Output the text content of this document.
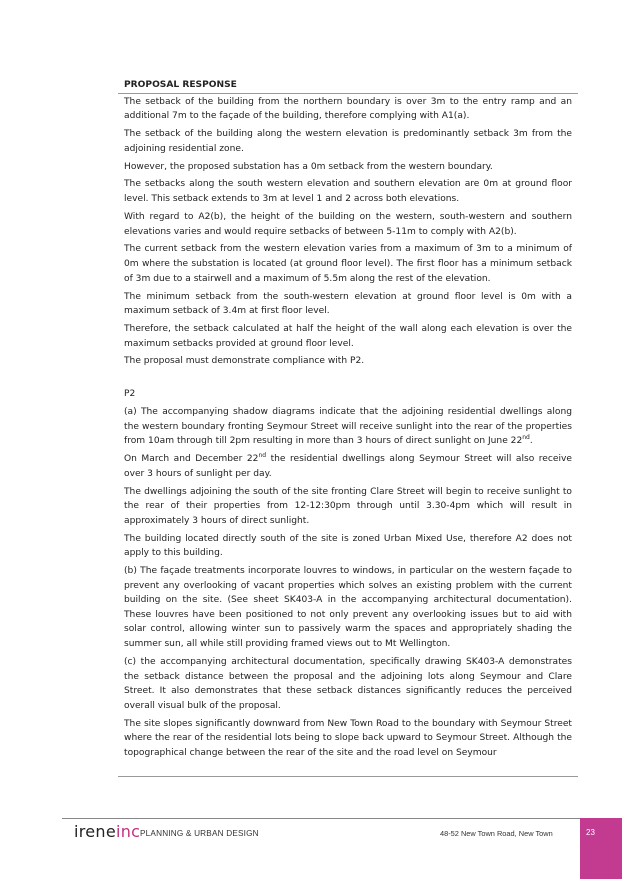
PROPOSAL RESPONSE

The setback of the building from the northern boundary is over 3m to the entry ramp and an additional 7m to the façade of the building, therefore complying with A1(a).

The setback of the building along the western elevation is predominantly setback 3m from the adjoining residential zone.

However, the proposed substation has a 0m setback from the western boundary.

The setbacks along the south western elevation and southern elevation are 0m at ground floor level. This setback extends to 3m at level 1 and 2 across both elevations.

With regard to A2(b), the height of the building on the western, south-western and southern elevations varies and would require setbacks of between 5-11m to comply with A2(b).

The current setback from the western elevation varies from a maximum of 3m to a minimum of 0m where the substation is located (at ground floor level). The first floor has a minimum setback of 3m due to a stairwell and a maximum of 5.5m along the rest of the elevation.

The minimum setback from the south-western elevation at ground floor level is 0m with a maximum setback of 3.4m at first floor level.

Therefore, the setback calculated at half the height of the wall along each elevation is over the maximum setbacks provided at ground floor level.

The proposal must demonstrate compliance with P2.

P2

(a) The accompanying shadow diagrams indicate that the adjoining residential dwellings along the western boundary fronting Seymour Street will receive sunlight into the rear of the properties from 10am through till 2pm resulting in more than 3 hours of direct sunlight on June 22nd.

On March and December 22nd the residential dwellings along Seymour Street will also receive over 3 hours of sunlight per day.

The dwellings adjoining the south of the site fronting Clare Street will begin to receive sunlight to the rear of their properties from 12-12:30pm through until 3.30-4pm which will result in approximately 3 hours of direct sunlight.

The building located directly south of the site is zoned Urban Mixed Use, therefore A2 does not apply to this building.

(b) The façade treatments incorporate louvres to windows, in particular on the western façade to prevent any overlooking of vacant properties which solves an existing problem with the current building on the site. (See sheet SK403-A in the accompanying architectural documentation). These louvres have been positioned to not only prevent any overlooking issues but to aid with solar control, allowing winter sun to passively warm the spaces and appropriately shading the summer sun, all while still providing framed views out to Mt Wellington.

(c) the accompanying architectural documentation, specifically drawing SK403-A demonstrates the setback distance between the proposal and the adjoining lots along Seymour and Clare Street. It also demonstrates that these setback distances significantly reduces the perceived overall visual bulk of the proposal.

The site slopes significantly downward from New Town Road to the boundary with Seymour Street where the rear of the residential lots being to slope back upward to Seymour Street. Although the topographical change between the rear of the site and the road level on Seymour

ireneinc PLANNING & URBAN DESIGN	48-52 New Town Road, New Town	23
